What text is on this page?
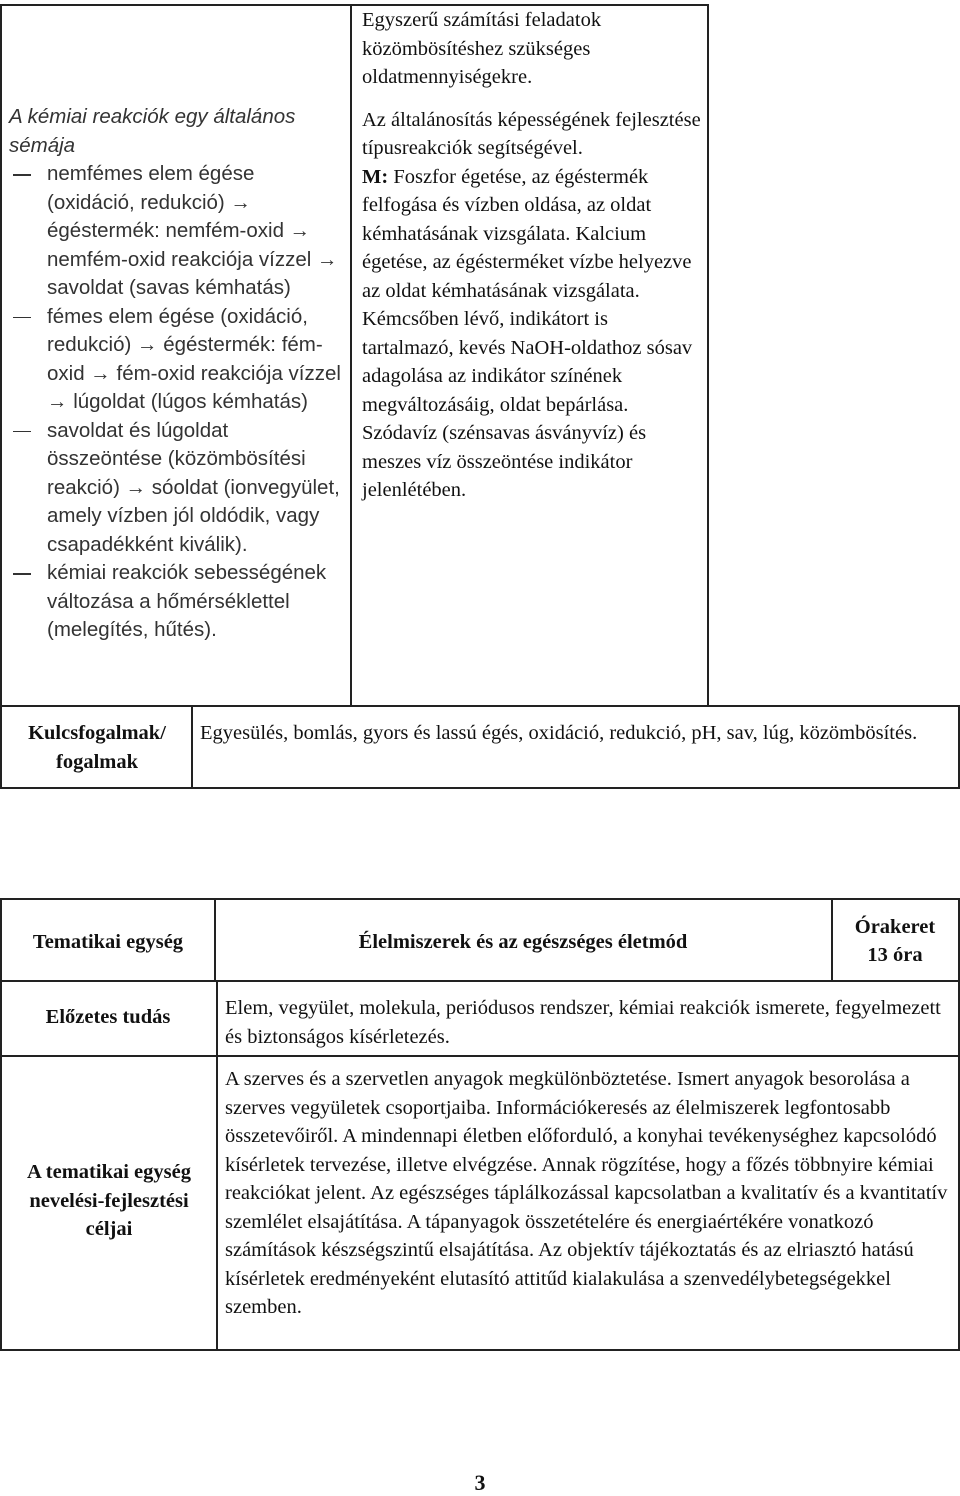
A kémiai reakciók egy általános sémája
nemfémes elem égése (oxidáció, redukció) → égéstermék: nemfém-oxid → nemfém-oxid reakciója vízzel → savoldat (savas kémhatás)
fémes elem égése (oxidáció, redukció) → égéstermék: fém-oxid → fém-oxid reakciója vízzel → lúgoldat (lúgos kémhatás)
savoldat és lúgoldat összeöntése (közömbösítési reakció) → sóoldat (ionvegyület, amely vízben jól oldódik, vagy csapadékként kiválik).
kémiai reakciók sebességének változása a hőmérséklettel (melegítés, hűtés).
Egyszerű számítási feladatok közömbösítéshez szükséges oldatmennyiségekre.
Az általánosítás képességének fejlesztése típusreakciók segítségével.
M: Foszfor égetése, az égéstermék felfogása és vízben oldása, az oldat kémhatásának vizsgálata. Kalcium égetése, az égésterméket vízbe helyezve az oldat kémhatásának vizsgálata. Kémcsőben lévő, indikátort is tartalmazó, kevés NaOH-oldathoz sósav adagolása az indikátor színének megváltozásáig, oldat bepárlása. Szódavíz (szénsavas ásványvíz) és meszes víz összeöntése indikátor jelenlétében.
Kulcsfogalmak/ fogalmak
Egyesülés, bomlás, gyors és lassú égés, oxidáció, redukció, pH, sav, lúg, közömbösítés.
Tematikai egység	Élelmiszerek és az egészséges életmód
Órakeret
13 óra
Előzetes tudás	Elem, vegyület, molekula, periódusos rendszer, kémiai reakciók ismerete, fegyelmezett és biztonságos kísérletezés.
A tematikai egység nevelési-fejlesztési céljai
A szerves és a szervetlen anyagok megkülönböztetése. Ismert anyagok besorolása a szerves vegyületek csoportjaiba. Információkeresés az élelmiszerek legfontosabb összetevőiről. A mindennapi életben előforduló, a konyhai tevékenységhez kapcsolódó kísérletek tervezése, illetve elvégzése. Annak rögzítése, hogy a főzés többnyire kémiai reakciókat jelent. Az egészséges táplálkozással kapcsolatban a kvalitatív és a kvantitatív szemlélet elsajátítása. A tápanyagok összetételére és energiaértékére vonatkozó számítások készségszintű elsajátítása. Az objektív tájékoztatás és az elriasztó hatású kísérletek eredményeként elutasító attitűd kialakulása a szenvedélybetegségekkel szemben.
3
